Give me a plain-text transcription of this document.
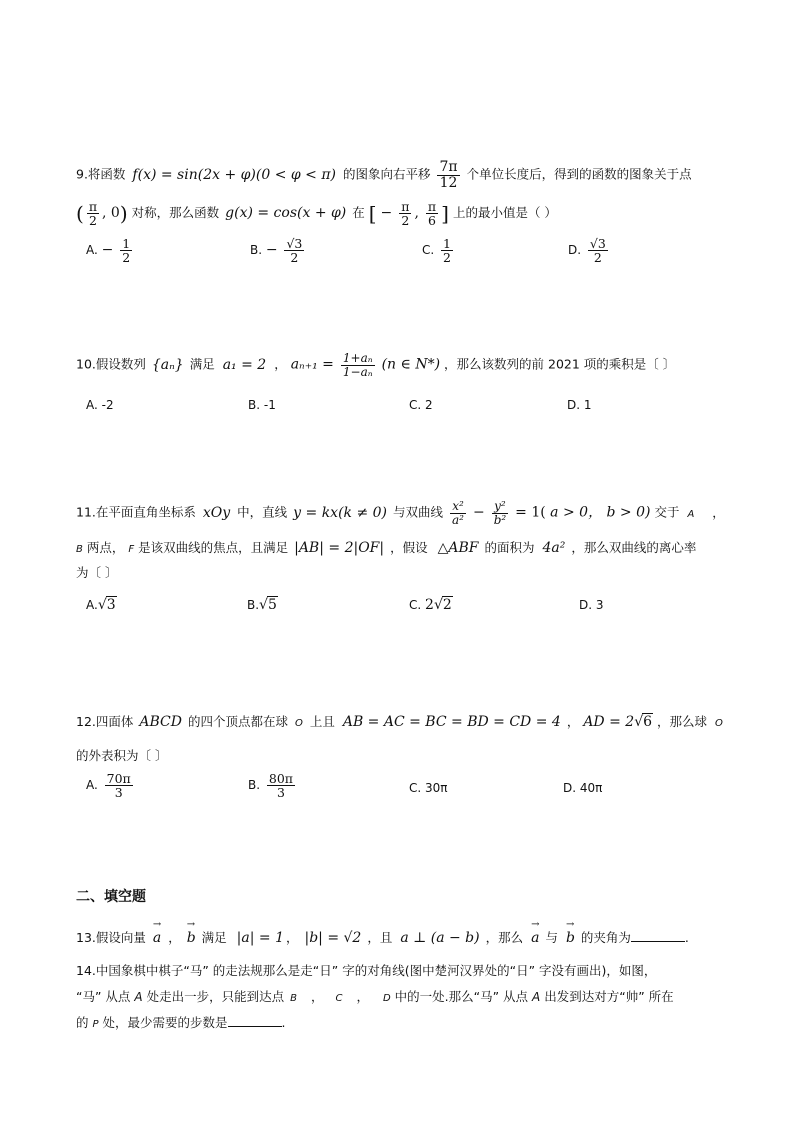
9.将函数 f(x) = sin(2x + φ)(0 < φ < π) 的图象向右平移 $\frac{7\pi}{12}$ 个单位长度后，得到的函数的图象关于点
( $\frac{\pi}{2}$ , 0) 对称，那么函数 g(x) = cos(x + φ) 在 [ − $\frac{\pi}{2}$ , $\frac{\pi}{6}$ ] 上的最小值是（ ）
A. − $\frac{1}{2}$	B. − $\frac{√3}{2}$	C. $\frac{1}{2}$	D. $\frac{√3}{2}$
10.假设数列 {aₙ} 满足 a₁ = 2 ， $a_{n+1} = \frac{\text{1+aₙ}}{\text{1−aₙ}} (n$ ∈ N*) ，那么该数列的前 2021 项的乘积是〔 〕
A. -2	B. -1	C. 2	D. 1
11.在平面直角坐标系 xOy 中，直线 y = kx(k ≠ 0) 与双曲线 $\frac{\text{x²}}{\text{a²}} - \frac{\text{y²}}{\text{b²}} = 1$( a > 0， b > 0) 交于 A ，
B 两点， F 是该双曲线的焦点，且满足 |AB| = 2|OF| ，假设 △ABF 的面积为 4a² ，那么双曲线的离心率
为〔 〕
A.√3	B.√5	C. 2√2	D. 3
12.四面体 ABCD 的四个顶点都在球 O 上且 AB = AC = BC = BD = CD = 4 ， AD = 2√6 ，那么球 O
的外表积为〔 〕
A. $\frac{70\pi}{3}$	B. $\frac{80\pi}{3}$	C. 30π	D. 40π
二、填空题
13.假设向量 → a ， → b 满足 |a| = 1 ， |b| = √2 ，且 a ⊥ (a − b) ，那么 → a 与 → b 的夹角为	.
14.中国象棋中棋子“马” 的走法规那么是走“日” 字的对角线(图中楚河汉界处的“日” 字没有画出)，如图，
“马” 从点 A 处走出一步，只能到达点 B ， C ， D 中的一处.那么“马” 从点 A 出发到达对方“帅” 所在
的 P 处，最少需要的步数是	.
